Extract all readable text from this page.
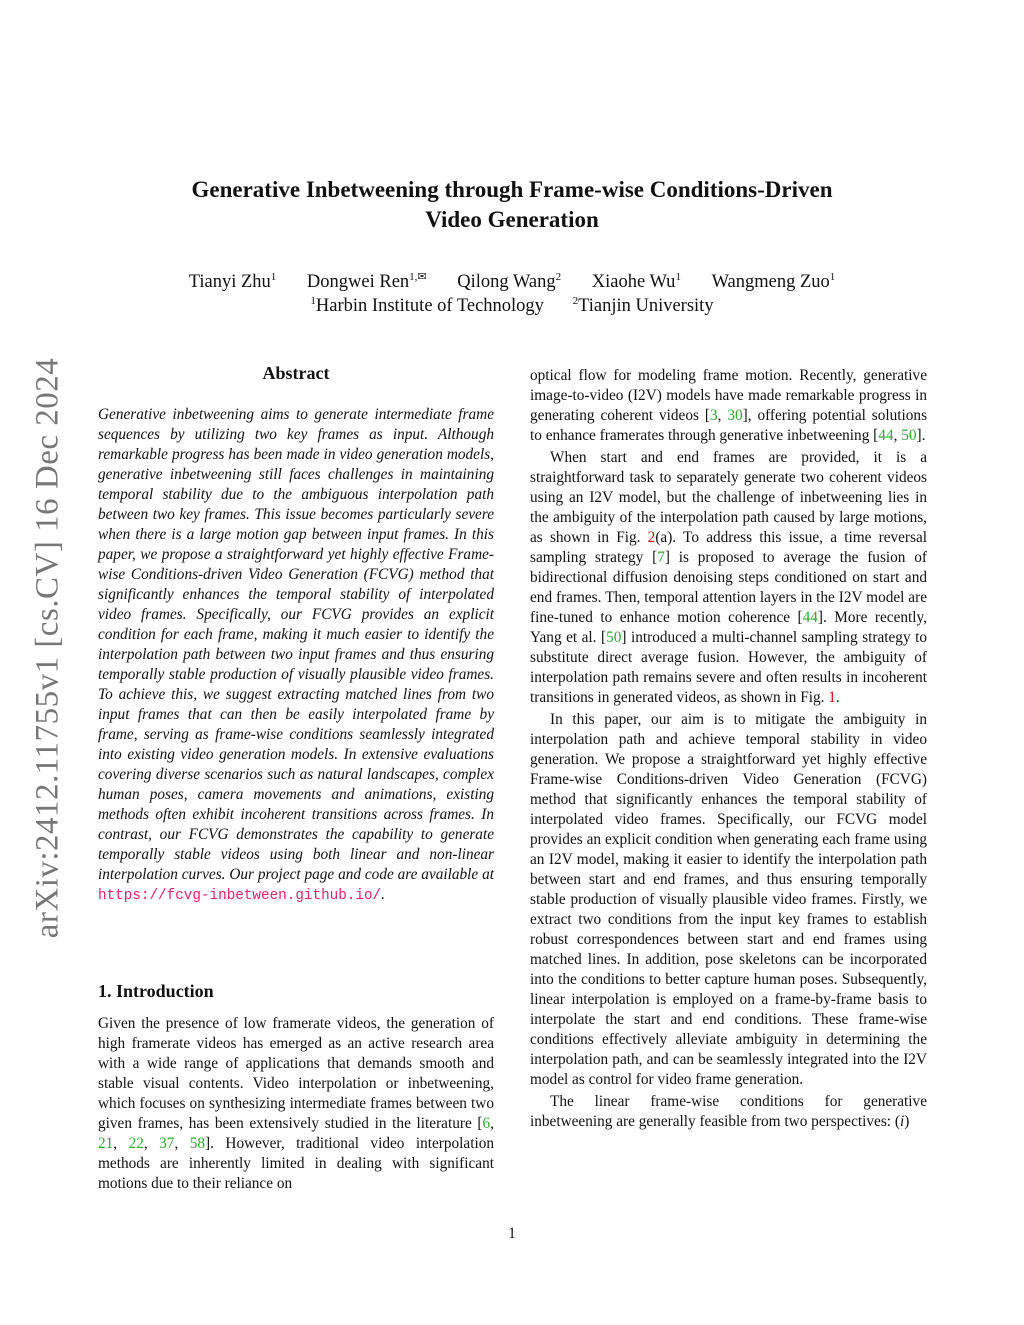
arXiv:2412.11755v1 [cs.CV] 16 Dec 2024
Generative Inbetweening through Frame-wise Conditions-Driven
Video Generation
Tianyi Zhu$^1$ Dongwei Ren$^{1,✉}$ Qilong Wang$^2$ Xiaohe Wu$^1$ Wangmeng Zuo$^1$
$^1$Harbin Institute of Technology	$^2$Tianjin University
Abstract

Generative inbetweening aims to generate intermediate frame sequences by utilizing two key frames as input. Although remarkable progress has been made in video generation models, generative inbetweening still faces challenges in maintaining temporal stability due to the ambiguous interpolation path between two key frames. This issue becomes particularly severe when there is a large motion gap between input frames. In this paper, we propose a straightforward yet highly effective Frame-wise Conditions-driven Video Generation (FCVG) method that significantly enhances the temporal stability of interpolated video frames. Specifically, our FCVG provides an explicit condition for each frame, making it much easier to identify the interpolation path between two input frames and thus ensuring temporally stable production of visually plausible video frames. To achieve this, we suggest extracting matched lines from two input frames that can then be easily interpolated frame by frame, serving as frame-wise conditions seamlessly integrated into existing video generation models. In extensive evaluations covering diverse scenarios such as natural landscapes, complex human poses, camera movements and animations, existing methods often exhibit incoherent transitions across frames. In contrast, our FCVG demonstrates the capability to generate temporally stable videos using both linear and non-linear interpolation curves. Our project page and code are available at https://fcvg-inbetween.github.io/.

1. Introduction

Given the presence of low framerate videos, the generation of high framerate videos has emerged as an active research area with a wide range of applications that demands smooth and stable visual contents. Video interpolation or inbetweening, which focuses on synthesizing intermediate frames between two given frames, has been extensively studied in the literature [6, 21, 22, 37, 58]. However, traditional video interpolation methods are inherently limited in dealing with significant motions due to their reliance on

optical flow for modeling frame motion. Recently, generative image-to-video (I2V) models have made remarkable progress in generating coherent videos [3, 30], offering potential solutions to enhance framerates through generative inbetweening [44, 50].

When start and end frames are provided, it is a straightforward task to separately generate two coherent videos using an I2V model, but the challenge of inbetweening lies in the ambiguity of the interpolation path caused by large motions, as shown in Fig. 2(a). To address this issue, a time reversal sampling strategy [7] is proposed to average the fusion of bidirectional diffusion denoising steps conditioned on start and end frames. Then, temporal attention layers in the I2V model are fine-tuned to enhance motion coherence [44]. More recently, Yang et al. [50] introduced a multi-channel sampling strategy to substitute direct average fusion. However, the ambiguity of interpolation path remains severe and often results in incoherent transitions in generated videos, as shown in Fig. 1.

In this paper, our aim is to mitigate the ambiguity in interpolation path and achieve temporal stability in video generation. We propose a straightforward yet highly effective Frame-wise Conditions-driven Video Generation (FCVG) method that significantly enhances the temporal stability of interpolated video frames. Specifically, our FCVG model provides an explicit condition when generating each frame using an I2V model, making it easier to identify the interpolation path between start and end frames, and thus ensuring temporally stable production of visually plausible video frames. Firstly, we extract two conditions from the input key frames to establish robust correspondences between start and end frames using matched lines. In addition, pose skeletons can be incorporated into the conditions to better capture human poses. Subsequently, linear interpolation is employed on a frame-by-frame basis to interpolate the start and end conditions. These frame-wise conditions effectively alleviate ambiguity in determining the interpolation path, and can be seamlessly integrated into the I2V model as control for video frame generation.

The linear frame-wise conditions for generative inbetweening are generally feasible from two perspectives: (i)

1
